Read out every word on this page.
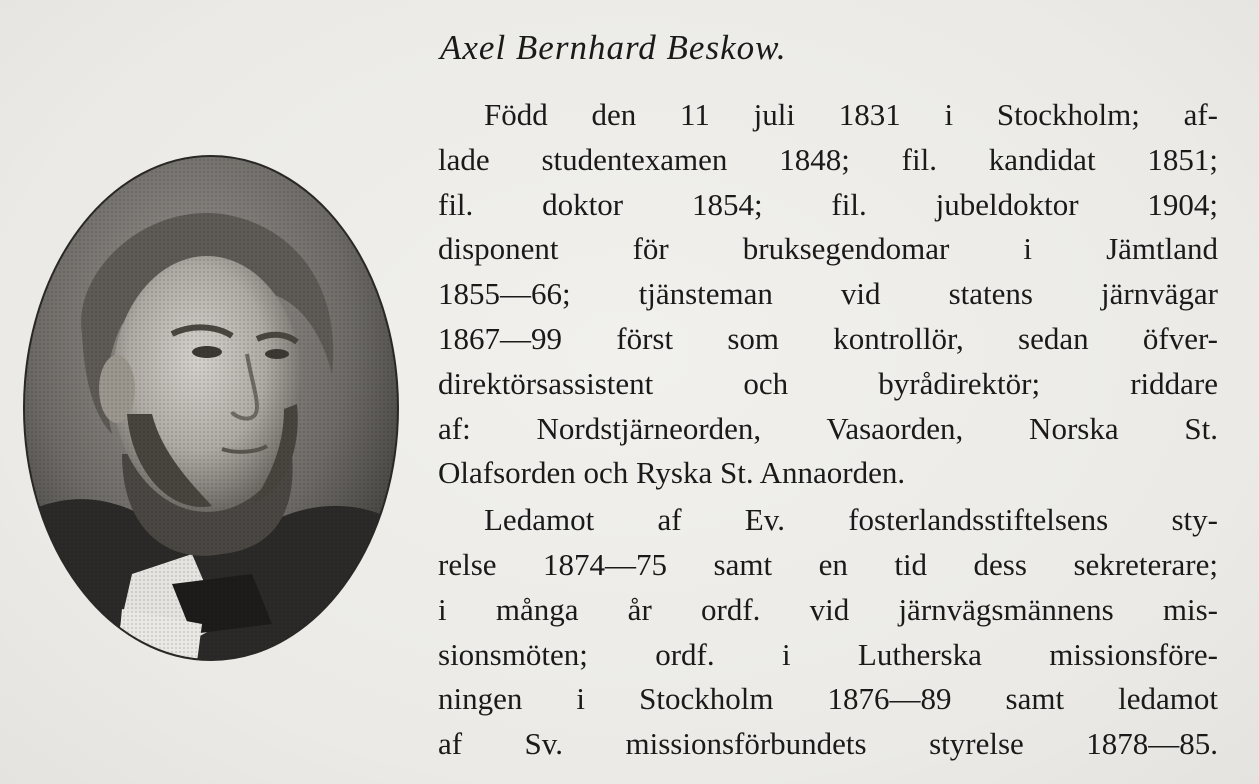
Axel Bernhard Beskow.

Född den 11 juli 1831 i Stockholm; af-
lade studentexamen 1848; fil. kandidat 1851;
fil. doktor 1854; fil. jubeldoktor 1904;
disponent för bruksegendomar i Jämtland
1855—66; tjänsteman vid statens järnvägar
1867—99 först som kontrollör, sedan öfver-
direktörsassistent och byrådirektör; riddare
af: Nordstjärneorden, Vasaorden, Norska St.
Olafsorden och Ryska St. Annaorden.

Ledamot af Ev. fosterlandsstiftelsens sty-
relse 1874—75 samt en tid dess sekreterare;
i många år ordf. vid järnvägsmännens mis-
sionsmöten; ordf. i Lutherska missionsföre-
ningen i Stockholm 1876—89 samt ledamot
af Sv. missionsförbundets styrelse 1878—85.
